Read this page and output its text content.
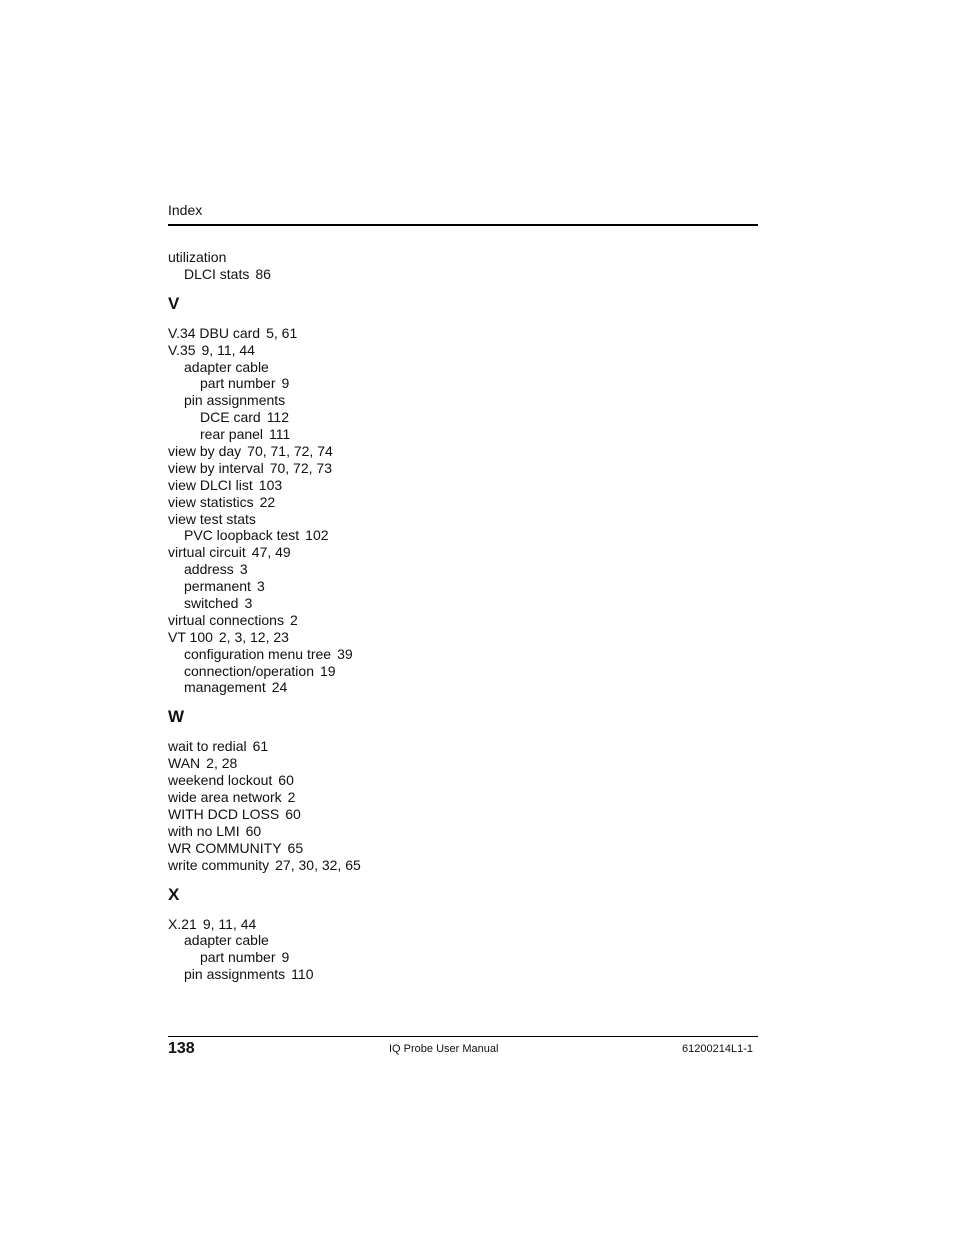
Index
utilization
DLCI stats 86
V
V.34 DBU card 5, 61
V.35 9, 11, 44
adapter cable
part number 9
pin assignments
DCE card 112
rear panel 111
view by day 70, 71, 72, 74
view by interval 70, 72, 73
view DLCI list 103
view statistics 22
view test stats
PVC loopback test 102
virtual circuit 47, 49
address 3
permanent 3
switched 3
virtual connections 2
VT 100 2, 3, 12, 23
configuration menu tree 39
connection/operation 19
management 24
W
wait to redial 61
WAN 2, 28
weekend lockout 60
wide area network 2
WITH DCD LOSS 60
with no LMI 60
WR COMMUNITY 65
write community 27, 30, 32, 65
X
X.21 9, 11, 44
adapter cable
part number 9
pin assignments 110
138	IQ Probe User Manual	61200214L1-1
